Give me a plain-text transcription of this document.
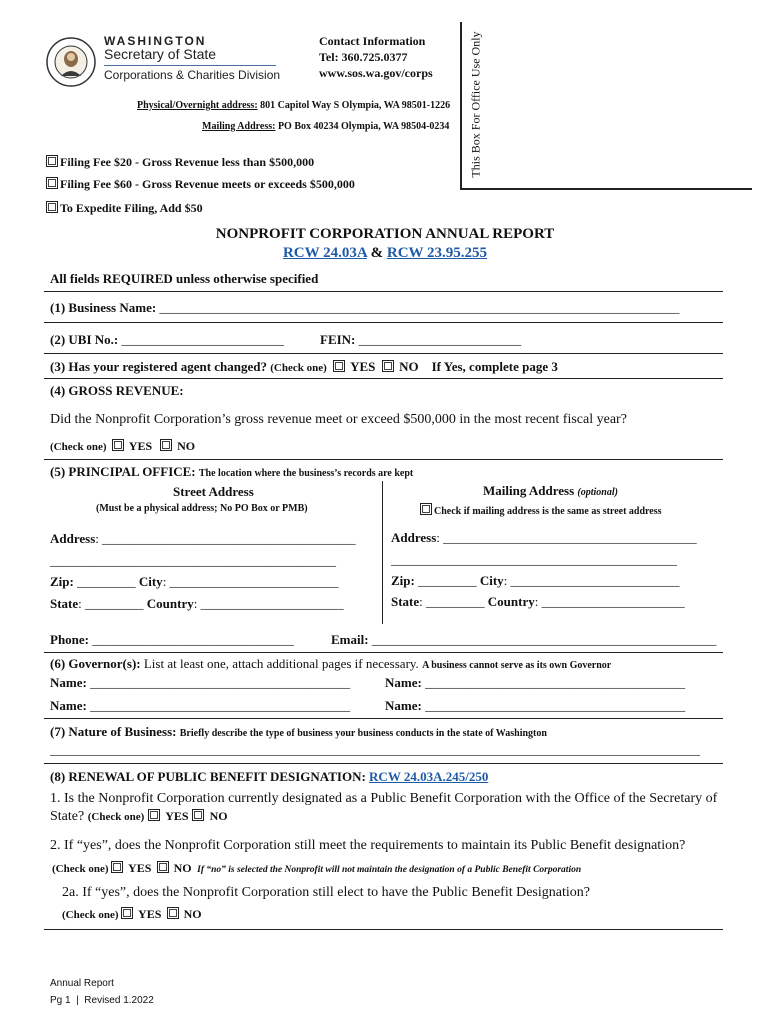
WASHINGTON
Secretary of State
Corporations & Charities Division
Contact Information
Tel: 360.725.0377
www.sos.wa.gov/corps
Physical/Overnight address: 801 Capitol Way S Olympia, WA 98501-1226
Mailing Address: PO Box 40234 Olympia, WA 98504-0234 This Box For Office Use Only
Filing Fee $20 - Gross Revenue less than $500,000
Filing Fee $60 - Gross Revenue meets or exceeds $500,000
To Expedite Filing, Add $50
NONPROFIT CORPORATION ANNUAL REPORT
RCW 24.03A & RCW 23.95.255
All fields REQUIRED unless otherwise specified
(1) Business Name: ________________________________________________________________________________
(2) UBI No.: _________________________	FEIN: _________________________
(3) Has your registered agent changed? (Check one) YES NO If Yes, complete page 3
(4) GROSS REVENUE:
Did the Nonprofit Corporation’s gross revenue meet or exceed $500,000 in the most recent fiscal year?
(Check one) YES NO
(5) PRINCIPAL OFFICE: The location where the business’s records are kept
Street Address
(Must be a physical address; No PO Box or PMB)
Mailing Address (optional)
Check if mailing address is the same as street address
Address: _______________________________________
____________________________________________
Zip: _________ City: __________________________
State: _________ Country: ______________________
Address: _______________________________________
____________________________________________
Zip: _________ City: __________________________
State: _________ Country: ______________________
Phone: _______________________________	Email: _____________________________________________________
(6) Governor(s): List at least one, attach additional pages if necessary. A business cannot serve as its own Governor
Name: ________________________________________	Name: ________________________________________
Name: ________________________________________	Name: ________________________________________
(7) Nature of Business: Briefly describe the type of business your business conducts in the state of Washington
____________________________________________________________________________________________________
(8) RENEWAL OF PUBLIC BENEFIT DESIGNATION: RCW 24.03A.245/250
1. Is the Nonprofit Corporation currently designated as a Public Benefit Corporation with the Office of the Secretary of
State? (Check one) YES NO
2. If “yes”, does the Nonprofit Corporation still meet the requirements to maintain its Public Benefit designation?
(Check one) YES NO If “no” is selected the Nonprofit will not maintain the designation of a Public Benefit Corporation
2a. If “yes”, does the Nonprofit Corporation still elect to have the Public Benefit Designation?
(Check one) YES NO
Annual Report
Pg 1  |  Revised 1.2022
